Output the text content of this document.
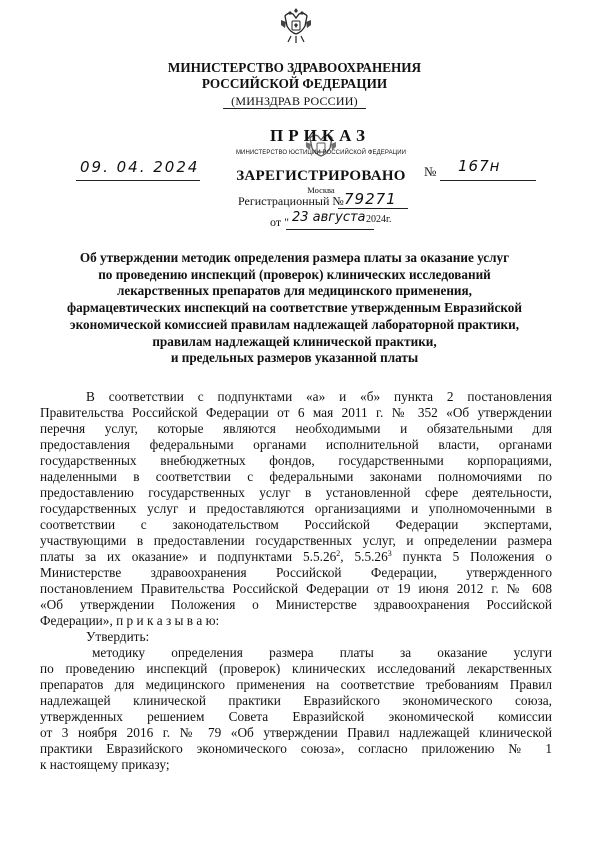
МИНИСТЕРСТВО ЗДРАВООХРАНЕНИЯ
РОССИЙСКОЙ ФЕДЕРАЦИИ
(МИНЗДРАВ РОССИИ)
ПРИКАЗ
МИНИСТЕРСТВО ЮСТИЦИИ РОССИЙСКОЙ ФЕДЕРАЦИИ
ЗАРЕГИСТРИРОВАНО
Москва
Регистрационный № 79271
от " 23 августа 2024г.
09. 04. 2024	№ 167н
Об утверждении методик определения размера платы за оказание услуг
по проведению инспекций (проверок) клинических исследований
лекарственных препаратов для медицинского применения,
фармацевтических инспекций на соответствие утвержденным Евразийской
экономической комиссией правилам надлежащей лабораторной практики,
правилам надлежащей клинической практики,
и предельных размеров указанной платы
В соответствии с подпунктами «а» и «б» пункта 2 постановления
Правительства Российской Федерации от 6 мая 2011 г. № 352 «Об утверждении
перечня услуг, которые являются необходимыми и обязательными для
предоставления федеральными органами исполнительной власти, органами
государственных внебюджетных фондов, государственными корпорациями,
наделенными в соответствии с федеральными законами полномочиями по
предоставлению государственных услуг в установленной сфере деятельности,
государственных услуг и предоставляются организациями и уполномоченными в
соответствии с законодательством Российской Федерации экспертами,
участвующими в предоставлении государственных услуг, и определении размера
платы за их оказание» и подпунктами 5.5.26$^2$, 5.5.26$^3$ пункта 5 Положения о
Министерстве здравоохранения Российской Федерации, утвержденного
постановлением Правительства Российской Федерации от 19 июня 2012 г. № 608
«Об утверждении Положения о Министерстве здравоохранения Российской
Федерации», п р и к а з ы в а ю:
Утвердить:
методику определения размера платы за оказание услуги
по проведению инспекций (проверок) клинических исследований лекарственных
препаратов для медицинского применения на соответствие требованиям Правил
надлежащей клинической практики Евразийского экономического союза,
утвержденных решением Совета Евразийской экономической комиссии
от 3 ноября 2016 г. № 79 «Об утверждении Правил надлежащей клинической
практики Евразийского экономического союза», согласно приложению № 1
к настоящему приказу;
